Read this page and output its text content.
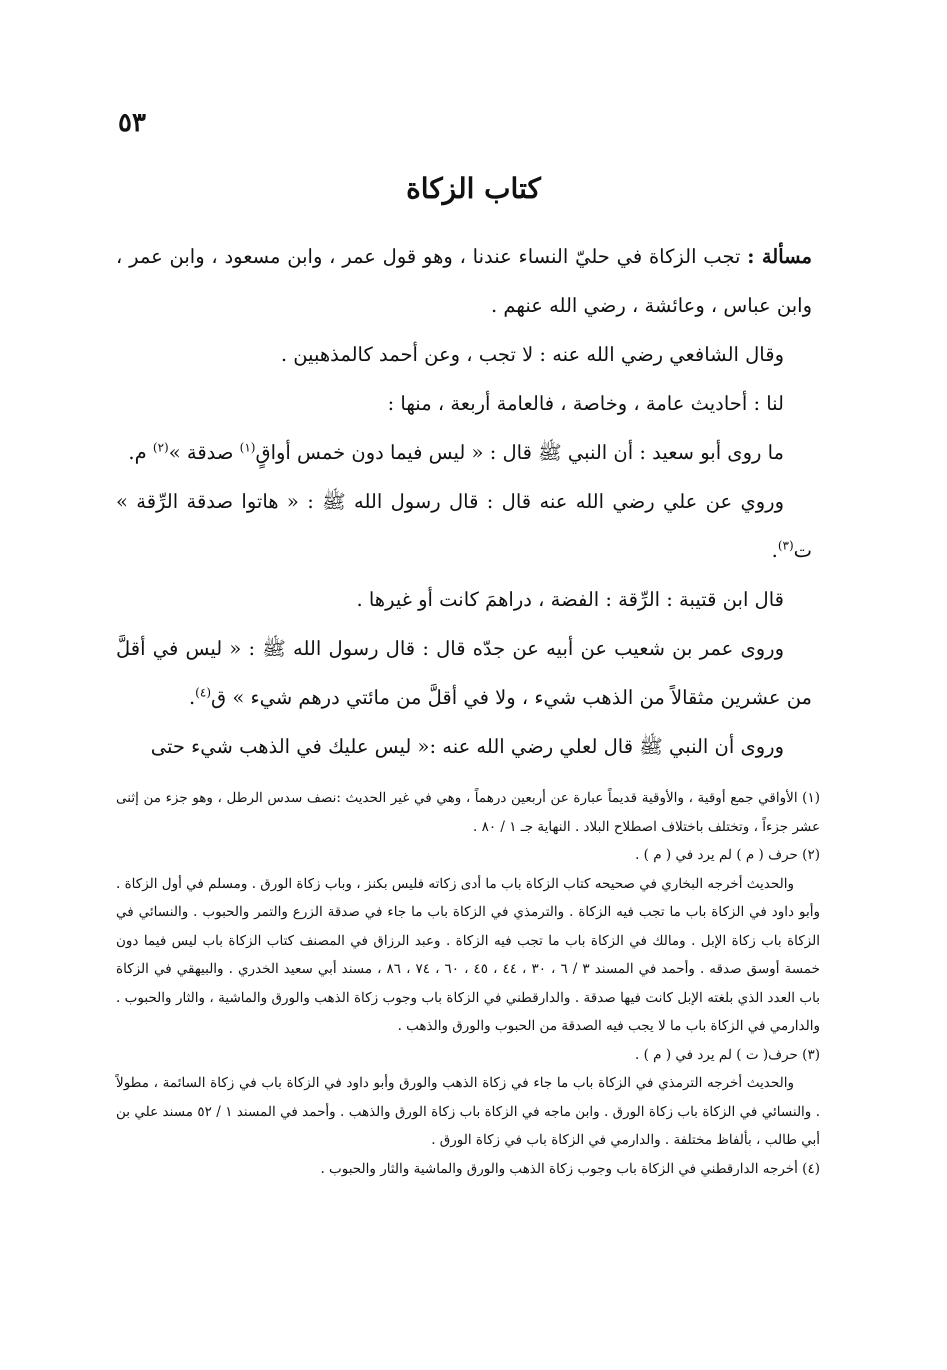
٥٣
كتاب الزكاة

مسألة : تجب الزكاة في حليّ النساء عندنا ، وهو قول عمر ، وابن مسعود ، وابن عمر ، وابن عباس ، وعائشة ، رضي الله عنهم .

وقال الشافعي رضي الله عنه : لا تجب ، وعن أحمد كالمذهبين .

لنا : أحاديث عامة ، وخاصة ، فالعامة أربعة ، منها :

ما روى أبو سعيد : أن النبي ﷺ قال : « ليس فيما دون خمس أواقٍ$^{(١)}$ صدقة »$^{(٢)}$ م.

وروي عن علي رضي الله عنه قال : قال رسول الله ﷺ : « هاتوا صدقة الرِّقة » ت$^{(٣)}$.

قال ابن قتيبة : الرِّقة : الفضة ، دراهمَ كانت أو غيرها .

وروى عمر بن شعيب عن أبيه عن جدّه قال : قال رسول الله ﷺ : « ليس في أقلَّ من عشرين مثقالاً من الذهب شيء ، ولا في أقلَّ من مائتي درهم شيء » ق$^{(٤)}$.

وروى أن النبي ﷺ قال لعلي رضي الله عنه :« ليس عليك في الذهب شيء حتى

(١) الأواقي جمع أوقية ، والأوقية قديماً عبارة عن أربعين درهماً ، وهي في غير الحديث :نصف سدس الرطل ، وهو جزء من إثنى عشر جزءاً ، وتختلف باختلاف اصطلاح البلاد . النهاية جـ ١ / ٨٠ .

(٢) حرف ( م ) لم يرد في ( م ) .

والحديث أخرجه البخاري في صحيحه كتاب الزكاة باب ما أدى زكاته فليس بكنز ، وباب زكاة الورق . ومسلم في أول الزكاة . وأبو داود في الزكاة باب ما تجب فيه الزكاة . والترمذي في الزكاة باب ما جاء في صدقة الزرع والتمر والحبوب . والنسائي في الزكاة باب زكاة الإبل . ومالك في الزكاة باب ما تجب فيه الزكاة . وعبد الرزاق في المصنف كتاب الزكاة باب ليس فيما دون خمسة أوسق صدقه . وأحمد في المسند ٣ / ٦ ، ٣٠ ، ٤٤ ، ٤٥ ، ٦٠ ، ٧٤ ، ٨٦ ، مسند أبي سعيد الخدري . والبيهقي في الزكاة باب العدد الذي بلغته الإبل كانت فيها صدقة . والدارقطني في الزكاة باب وجوب زكاة الذهب والورق والماشية ، والثار والحبوب . والدارمي في الزكاة باب ما لا يجب فيه الصدقة من الحبوب والورق والذهب .

(٣) حرف( ت ) لم يرد في ( م ) .

والحديث أخرجه الترمذي في الزكاة باب ما جاء في زكاة الذهب والورق وأبو داود في الزكاة باب في زكاة السائمة ، مطولاً . والنسائي في الزكاة باب زكاة الورق . وابن ماجه في الزكاة باب زكاة الورق والذهب . وأحمد في المسند ١ / ٥٢ مسند علي بن أبي طالب ، بألفاظ مختلفة . والدارمي في الزكاة باب في زكاة الورق .

(٤) أخرجه الدارقطني في الزكاة باب وجوب زكاة الذهب والورق والماشية والثار والحبوب .
